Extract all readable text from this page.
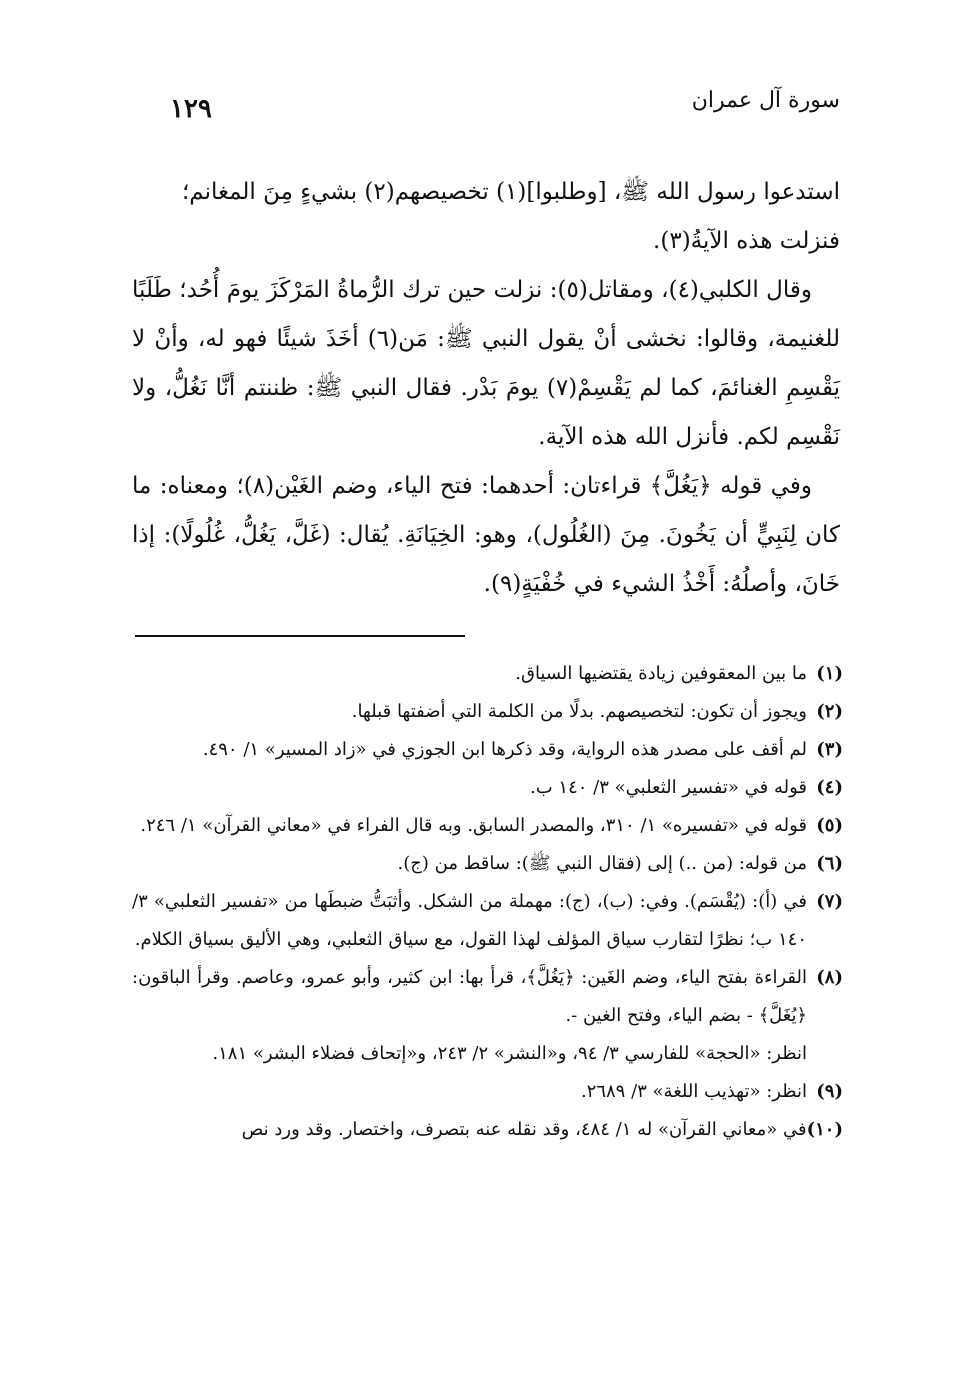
سورة آل عمران
١٢٩

استدعوا رسول الله ﷺ، [وطلبوا](١) تخصيصهم(٢) بشيءٍ مِنَ المغانم؛

فنزلت هذه الآيةُ(٣).

وقال الكلبي(٤)، ومقاتل(٥): نزلت حين ترك الرُّماةُ المَرْكَزَ يومَ أُحُد؛ طَلَبًا للغنيمة، وقالوا: نخشى أنْ يقول النبي ﷺ: مَن(٦) أخَذَ شيئًا فهو له، وأنْ لا يَقْسِمِ الغنائمَ، كما لم يَقْسِمْ(٧) يومَ بَدْر. فقال النبي ﷺ: ظننتم أنَّا نَغُلُّ، ولا نَقْسِم لكم. فأنزل الله هذه الآية.

وفي قوله ﴿يَغُلَّ﴾ قراءتان: أحدهما: فتح الياء، وضم الغَيْن(٨)؛ ومعناه: ما كان لِنَبِيٍّ أن يَخُونَ. مِنَ (الغُلُول)، وهو: الخِيَانَةِ. يُقال: (غَلَّ، يَغُلُّ، غُلُولًا): إذا خَانَ، وأصلُهُ: أَخْذُ الشيء في خُفْيَةٍ(٩).

(١)
ما بين المعقوفين زيادة يقتضيها السياق.
(٢)
ويجوز أن تكون: لتخصيصهم. بدلًا من الكلمة التي أضفتها قبلها.
(٣)
لم أقف على مصدر هذه الرواية، وقد ذكرها ابن الجوزي في «زاد المسير» ١/ ٤٩٠.
(٤)
قوله في «تفسير الثعلبي» ٣/ ١٤٠ ب.
(٥)
قوله في «تفسيره» ١/ ٣١٠، والمصدر السابق. وبه قال الفراء في «معاني القرآن» ١/ ٢٤٦.
(٦)
من قوله: (من ..) إلى (فقال النبي ﷺ): ساقط من (ج).
(٧)
في (أ): (يُقْسَم). وفي: (ب)، (ج): مهملة من الشكل. وأثبَتُّ ضبطَها من «تفسير الثعلبي» ٣/ ١٤٠ ب؛ نظرًا لتقارب سياق المؤلف لهذا القول، مع سياق الثعلبي، وهي الأليق بسياق الكلام.
(٨)
القراءة بفتح الياء، وضم الغَين: ﴿يَغُلَّ﴾، قرأ بها: ابن كثير، وأبو عمرو، وعاصم. وقرأ الباقون: ﴿يُغَلَّ﴾ - بضم الياء، وفتح الغين -.

انظر: «الحجة» للفارسي ٣/ ٩٤، و«النشر» ٢/ ٢٤٣، و«إتحاف فضلاء البشر» ١٨١.

(٩)
انظر: «تهذيب اللغة» ٣/ ٢٦٨٩.
(١٠)
في «معاني القرآن» له ١/ ٤٨٤، وقد نقله عنه بتصرف، واختصار. وقد ورد نص
